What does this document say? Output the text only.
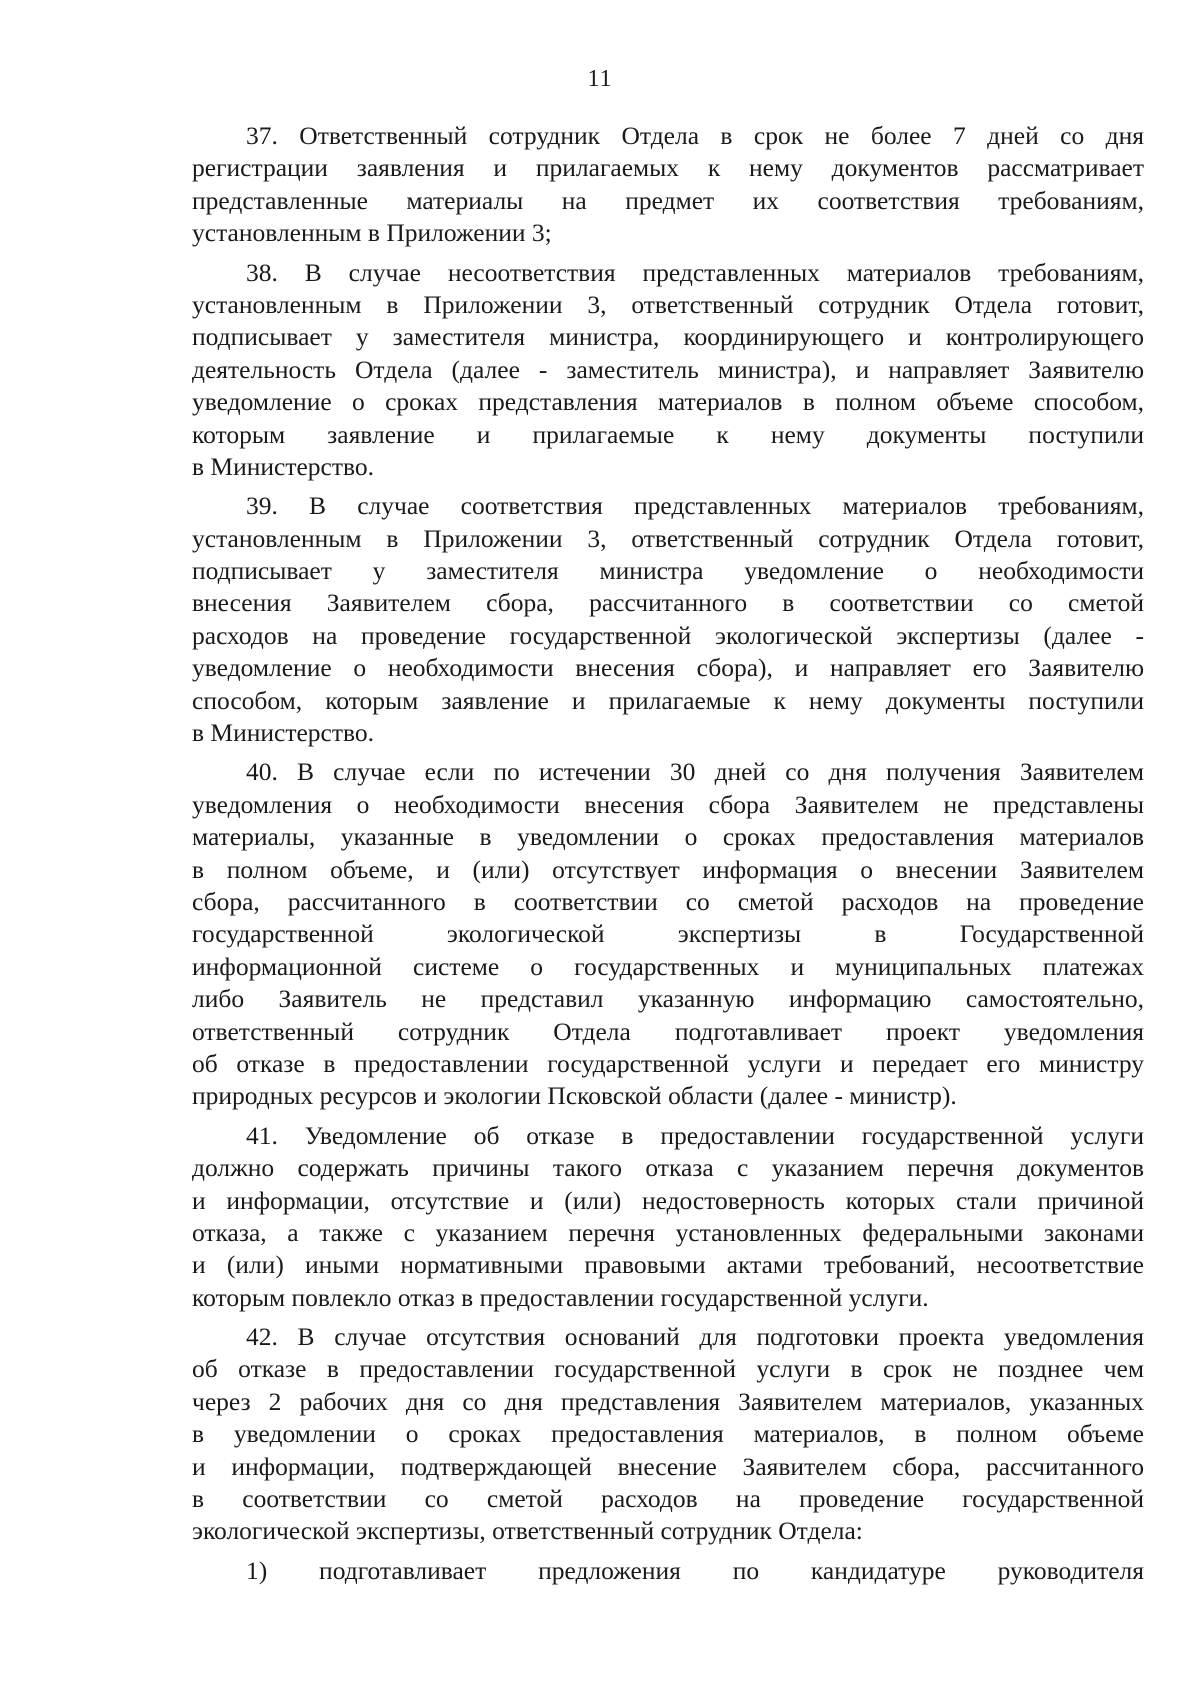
11
37. Ответственный сотрудник Отдела в срок не более 7 дней со дня
регистрации заявления и прилагаемых к нему документов рассматривает
представленные материалы на предмет их соответствия требованиям,
установленным в Приложении 3;
38. В случае несоответствия представленных материалов требованиям,
установленным в Приложении 3, ответственный сотрудник Отдела готовит,
подписывает у заместителя министра, координирующего и контролирующего
деятельность Отдела (далее - заместитель министра), и направляет Заявителю
уведомление о сроках представления материалов в полном объеме способом,
которым заявление и прилагаемые к нему документы поступили
в Министерство.
39. В случае соответствия представленных материалов требованиям,
установленным в Приложении 3, ответственный сотрудник Отдела готовит,
подписывает у заместителя министра уведомление о необходимости
внесения Заявителем сбора, рассчитанного в соответствии со сметой
расходов на проведение государственной экологической экспертизы (далее -
уведомление о необходимости внесения сбора), и направляет его Заявителю
способом, которым заявление и прилагаемые к нему документы поступили
в Министерство.
40. В случае если по истечении 30 дней со дня получения Заявителем
уведомления о необходимости внесения сбора Заявителем не представлены
материалы, указанные в уведомлении о сроках предоставления материалов
в полном объеме, и (или) отсутствует информация о внесении Заявителем
сбора, рассчитанного в соответствии со сметой расходов на проведение
государственной экологической экспертизы в Государственной
информационной системе о государственных и муниципальных платежах
либо Заявитель не представил указанную информацию самостоятельно,
ответственный сотрудник Отдела подготавливает проект уведомления
об отказе в предоставлении государственной услуги и передает его министру
природных ресурсов и экологии Псковской области (далее - министр).
41. Уведомление об отказе в предоставлении государственной услуги
должно содержать причины такого отказа с указанием перечня документов
и информации, отсутствие и (или) недостоверность которых стали причиной
отказа, а также с указанием перечня установленных федеральными законами
и (или) иными нормативными правовыми актами требований, несоответствие
которым повлекло отказ в предоставлении государственной услуги.
42. В случае отсутствия оснований для подготовки проекта уведомления
об отказе в предоставлении государственной услуги в срок не позднее чем
через 2 рабочих дня со дня представления Заявителем материалов, указанных
в уведомлении о сроках предоставления материалов, в полном объеме
и информации, подтверждающей внесение Заявителем сбора, рассчитанного
в соответствии со сметой расходов на проведение государственной
экологической экспертизы, ответственный сотрудник Отдела:
1) подготавливает предложения по кандидатуре руководителя
